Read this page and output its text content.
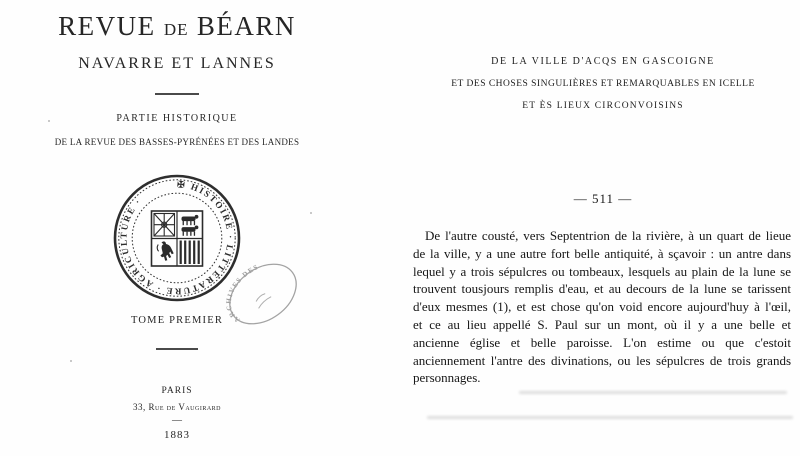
REVUE DE BÉARN
NAVARRE ET LANNES
PARTIE HISTORIQUE
DE LA REVUE DES BASSES-PYRÉNÉES ET DES LANDES
✠ HISTOIRE · LITTÉRATURE · AGRICULTURE ·
ARCHIVES DES
TOME PREMIER
PARIS
33, Rue de Vaugirard
—
1883
DE LA VILLE D'ACQS EN GASCOIGNE
ET DES CHOSES SINGULIÈRES ET REMARQUABLES EN ICELLE
ET ÈS LIEUX CIRCONVOISINS
— 511 —
De l'autre cousté, vers Septentrion de la rivière, à un quart de lieue de la ville, y a une autre fort belle antiquité, à sçavoir : un antre dans lequel y a trois sépulcres ou tombeaux, lesquels au plain de la lune se trouvent tousjours remplis d'eau, et au decours de la lune se tarissent d'eux mesmes (1), et est chose qu'on void encore aujourd'huy à l'œil, et ce au lieu appellé S. Paul sur un mont, où il y a une belle et ancienne église et belle paroisse. L'on estime ou que c'estoit anciennement l'antre des divinations, ou les sépulcres de trois grands personnages.
